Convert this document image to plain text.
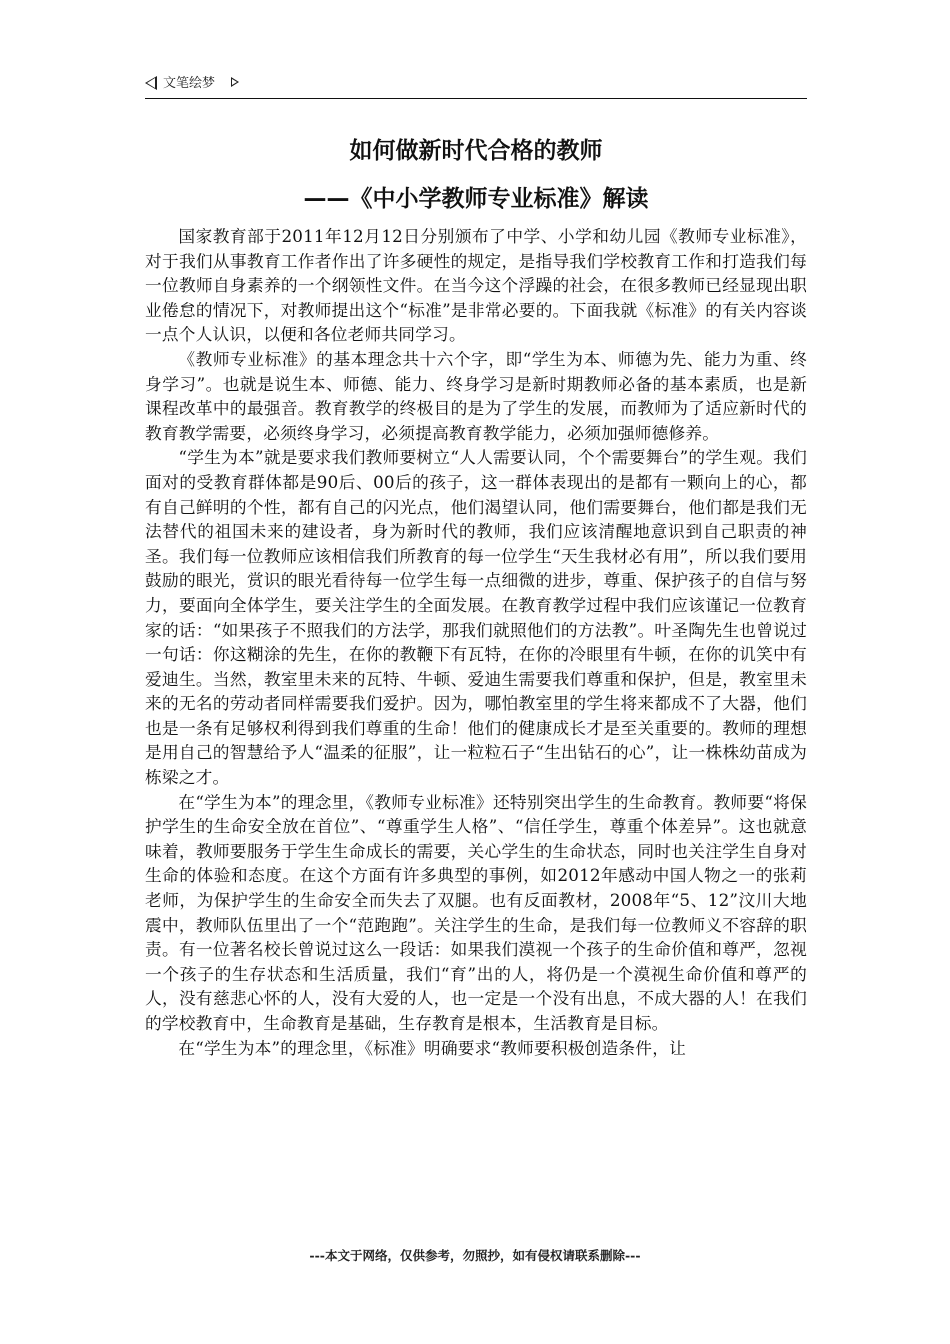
文笔绘梦
如何做新时代合格的教师
——《中小学教师专业标准》解读

国家教育部于2011年12月12日分别颁布了中学、小学和幼儿园《教师专业标准》，对于我们从事教育工作者作出了许多硬性的规定，是指导我们学校教育工作和打造我们每一位教师自身素养的一个纲领性文件。在当今这个浮躁的社会，在很多教师已经显现出职业倦怠的情况下，对教师提出这个“标准”是非常必要的。下面我就《标准》的有关内容谈一点个人认识，以便和各位老师共同学习。

《教师专业标准》的基本理念共十六个字，即“学生为本、师德为先、能力为重、终身学习”。也就是说生本、师德、能力、终身学习是新时期教师必备的基本素质，也是新课程改革中的最强音。教育教学的终极目的是为了学生的发展，而教师为了适应新时代的教育教学需要，必须终身学习，必须提高教育教学能力，必须加强师德修养。

“学生为本”就是要求我们教师要树立“人人需要认同，个个需要舞台”的学生观。我们面对的受教育群体都是90后、00后的孩子，这一群体表现出的是都有一颗向上的心，都有自己鲜明的个性，都有自己的闪光点，他们渴望认同，他们需要舞台，他们都是我们无法替代的祖国未来的建设者，身为新时代的教师，我们应该清醒地意识到自己职责的神圣。我们每一位教师应该相信我们所教育的每一位学生“天生我材必有用”，所以我们要用鼓励的眼光，赏识的眼光看待每一位学生每一点细微的进步，尊重、保护孩子的自信与努力，要面向全体学生，要关注学生的全面发展。在教育教学过程中我们应该谨记一位教育家的话：“如果孩子不照我们的方法学，那我们就照他们的方法教”。叶圣陶先生也曾说过一句话：你这糊涂的先生，在你的教鞭下有瓦特，在你的冷眼里有牛顿，在你的讥笑中有爱迪生。当然，教室里未来的瓦特、牛顿、爱迪生需要我们尊重和保护，但是，教室里未来的无名的劳动者同样需要我们爱护。因为，哪怕教室里的学生将来都成不了大器，他们也是一条有足够权利得到我们尊重的生命！他们的健康成长才是至关重要的。教师的理想是用自己的智慧给予人“温柔的征服”，让一粒粒石子“生出钻石的心”，让一株株幼苗成为栋梁之才。

在“学生为本”的理念里，《教师专业标准》还特别突出学生的生命教育。教师要“将保护学生的生命安全放在首位”、“尊重学生人格”、“信任学生，尊重个体差异”。这也就意味着，教师要服务于学生生命成长的需要，关心学生的生命状态，同时也关注学生自身对生命的体验和态度。在这个方面有许多典型的事例，如2012年感动中国人物之一的张莉老师，为保护学生的生命安全而失去了双腿。也有反面教材，2008年“5、12”汶川大地震中，教师队伍里出了一个“范跑跑”。关注学生的生命，是我们每一位教师义不容辞的职责。有一位著名校长曾说过这么一段话：如果我们漠视一个孩子的生命价值和尊严，忽视一个孩子的生存状态和生活质量，我们“育”出的人，将仍是一个漠视生命价值和尊严的人，没有慈悲心怀的人，没有大爱的人，也一定是一个没有出息，不成大器的人！在我们的学校教育中，生命教育是基础，生存教育是根本，生活教育是目标。

在“学生为本”的理念里，《标准》明确要求“教师要积极创造条件，让

---本文于网络，仅供参考，勿照抄，如有侵权请联系删除---
